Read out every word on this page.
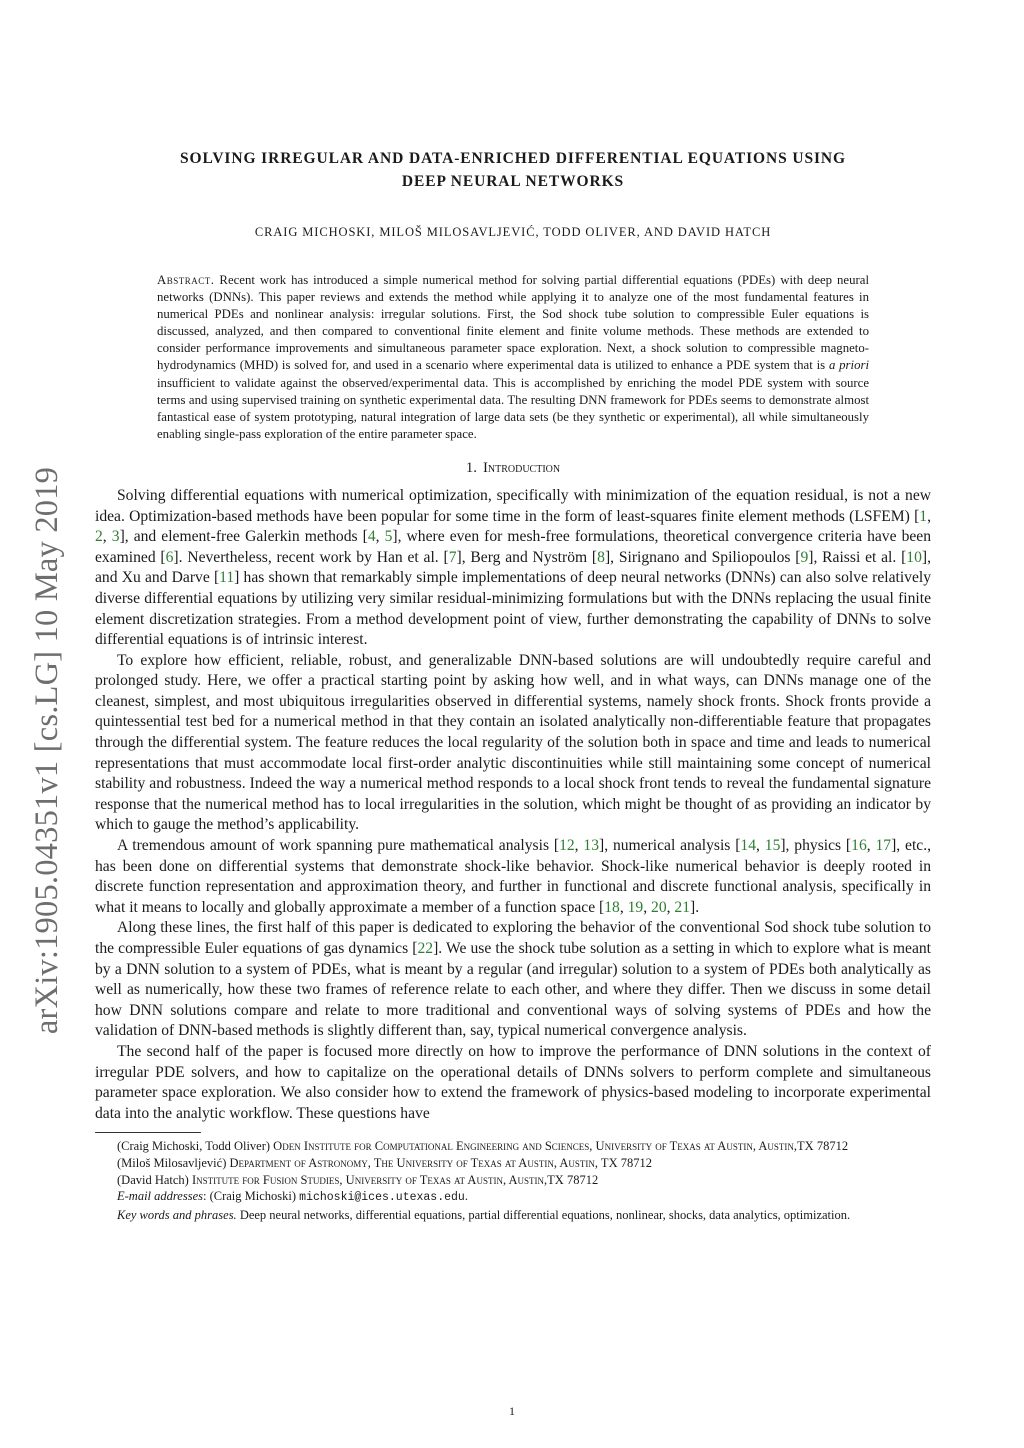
arXiv:1905.04351v1 [cs.LG] 10 May 2019
SOLVING IRREGULAR AND DATA-ENRICHED DIFFERENTIAL EQUATIONS USING
DEEP NEURAL NETWORKS
CRAIG MICHOSKI, MILOŠ MILOSAVLJEVIĆ, TODD OLIVER, AND DAVID HATCH
Abstract. Recent work has introduced a simple numerical method for solving partial differential equations (PDEs) with deep neural networks (DNNs). This paper reviews and extends the method while applying it to analyze one of the most fundamental features in numerical PDEs and nonlinear analysis: irregular solutions. First, the Sod shock tube solution to compressible Euler equations is discussed, analyzed, and then compared to conventional finite element and finite volume methods. These methods are extended to consider performance improvements and simultaneous parameter space exploration. Next, a shock solution to compressible magneto-hydrodynamics (MHD) is solved for, and used in a scenario where experimental data is utilized to enhance a PDE system that is a priori insufficient to validate against the observed/experimental data. This is accomplished by enriching the model PDE system with source terms and using supervised training on synthetic experimental data. The resulting DNN framework for PDEs seems to demonstrate almost fantastical ease of system prototyping, natural integration of large data sets (be they synthetic or experimental), all while simultaneously enabling single-pass exploration of the entire parameter space.
1. Introduction

Solving differential equations with numerical optimization, specifically with minimization of the equation residual, is not a new idea. Optimization-based methods have been popular for some time in the form of least-squares finite element methods (LSFEM) [1, 2, 3], and element-free Galerkin methods [4, 5], where even for mesh-free formulations, theoretical convergence criteria have been examined [6]. Nevertheless, recent work by Han et al. [7], Berg and Nyström [8], Sirignano and Spiliopoulos [9], Raissi et al. [10], and Xu and Darve [11] has shown that remarkably simple implementations of deep neural networks (DNNs) can also solve relatively diverse differential equations by utilizing very similar residual-minimizing formulations but with the DNNs replacing the usual finite element discretization strategies. From a method development point of view, further demonstrating the capability of DNNs to solve differential equations is of intrinsic interest.

To explore how efficient, reliable, robust, and generalizable DNN-based solutions are will undoubtedly require careful and prolonged study. Here, we offer a practical starting point by asking how well, and in what ways, can DNNs manage one of the cleanest, simplest, and most ubiquitous irregularities observed in differential systems, namely shock fronts. Shock fronts provide a quintessential test bed for a numerical method in that they contain an isolated analytically non-differentiable feature that propagates through the differential system. The feature reduces the local regularity of the solution both in space and time and leads to numerical representations that must accommodate local first-order analytic discontinuities while still maintaining some concept of numerical stability and robustness. Indeed the way a numerical method responds to a local shock front tends to reveal the fundamental signature response that the numerical method has to local irregularities in the solution, which might be thought of as providing an indicator by which to gauge the method’s applicability.

A tremendous amount of work spanning pure mathematical analysis [12, 13], numerical analysis [14, 15], physics [16, 17], etc., has been done on differential systems that demonstrate shock-like behavior. Shock-like numerical behavior is deeply rooted in discrete function representation and approximation theory, and further in functional and discrete functional analysis, specifically in what it means to locally and globally approximate a member of a function space [18, 19, 20, 21].

Along these lines, the first half of this paper is dedicated to exploring the behavior of the conventional Sod shock tube solution to the compressible Euler equations of gas dynamics [22]. We use the shock tube solution as a setting in which to explore what is meant by a DNN solution to a system of PDEs, what is meant by a regular (and irregular) solution to a system of PDEs both analytically as well as numerically, how these two frames of reference relate to each other, and where they differ. Then we discuss in some detail how DNN solutions compare and relate to more traditional and conventional ways of solving systems of PDEs and how the validation of DNN-based methods is slightly different than, say, typical numerical convergence analysis.

The second half of the paper is focused more directly on how to improve the performance of DNN solutions in the context of irregular PDE solvers, and how to capitalize on the operational details of DNNs solvers to perform complete and simultaneous parameter space exploration. We also consider how to extend the framework of physics-based modeling to incorporate experimental data into the analytic workflow. These questions have

(Craig Michoski, Todd Oliver) Oden Institute for Computational Engineering and Sciences, University of Texas at Austin, Austin,TX 78712

(Miloš Milosavljević) Department of Astronomy, The University of Texas at Austin, Austin, TX 78712

(David Hatch) Institute for Fusion Studies, University of Texas at Austin, Austin,TX 78712

E-mail addresses: (Craig Michoski) michoski@ices.utexas.edu.

Key words and phrases. Deep neural networks, differential equations, partial differential equations, nonlinear, shocks, data analytics, optimization.

1
